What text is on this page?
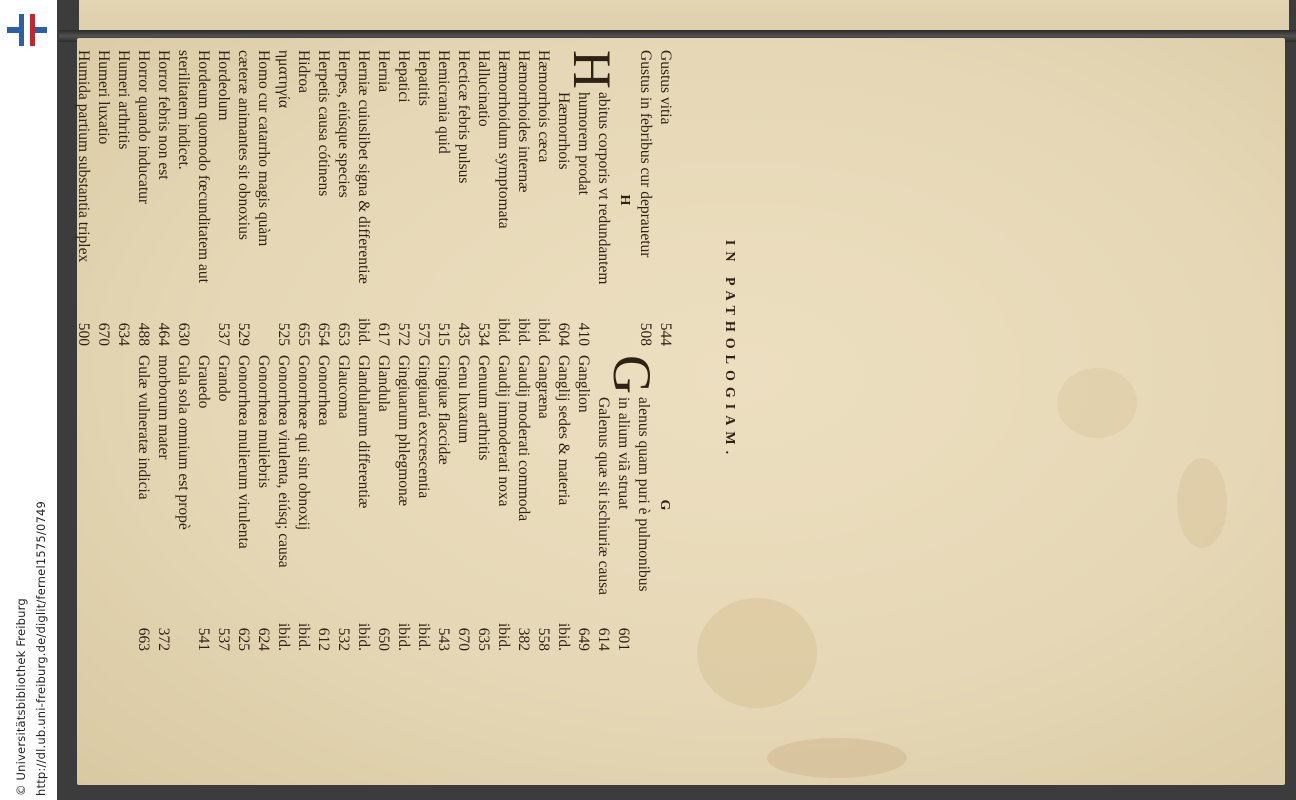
http://dl.ub.uni-freiburg.de/diglit/fernel1575/0749
© Universitätsbibliothek Freiburg
IN PATHOLOGIAM.
Gustus vitia
544
Gustus in febribus cur deprauetur
508
H
Habitus corporis vt redundantem humorem prodat
410
Hæmorrhois
604
Hæmorrhois cæca
ibid.
Hæmorrhoides internæ
ibid.
Hæmorrhoidum symptomata
ibid.
Hallucinatio
534
Hecticæ febris pulsus
435
Hemicrania quid
515
Hepatitis
575
Hepatici
572
Hernia
617
Herniæ cuiuslibet signa & differentiæ
ibid.
Herpes, eiúsque species
653
Herpetis causa cótinens
654
Hidroa
655
ηματηγία
525
Homo cur catarrho magis quàm cæteræ animantes sit obnoxius
529
Hordeolum
537
Hordeum quomodo fœcunditatem aut sterilitatem indicet.
630
Horror febris non est
464
Horror quando inducatur
488
Humeri arthritis
634
Humeri luxatio
670
Humida partium substantia triplex
500
G
Galenus quam puri è pulmonibus in alium viã struat
601
Galenus quæ sit ischiuriæ causa
614
Ganglion
649
Ganglij sedes & materia
ibid.
Gangræna
558
Gaudij moderati commoda
382
Gaudij immoderati noxa
ibid.
Genuum arthritis
635
Genu luxatum
670
Gingiuæ flaccidæ
543
Gingiuarú excrescentia
ibid.
Gingiuarum phlegmonæ
ibid.
Glandula
650
Glandularum differentiæ
ibid.
Glaucoma
532
Gonorrhœa
612
Gonorrhœæ qui sint obnoxij
ibid.
Gonorrhœa virulenta, eiúsq; causa
ibid.
Gonorrhœa muliebris
624
Gonorrhœa mulierum virulenta
625
Grando
537
Grauedo
541
Gula sola omnium est propè morborum mater
372
Gulæ vulneratæ indicia
663
